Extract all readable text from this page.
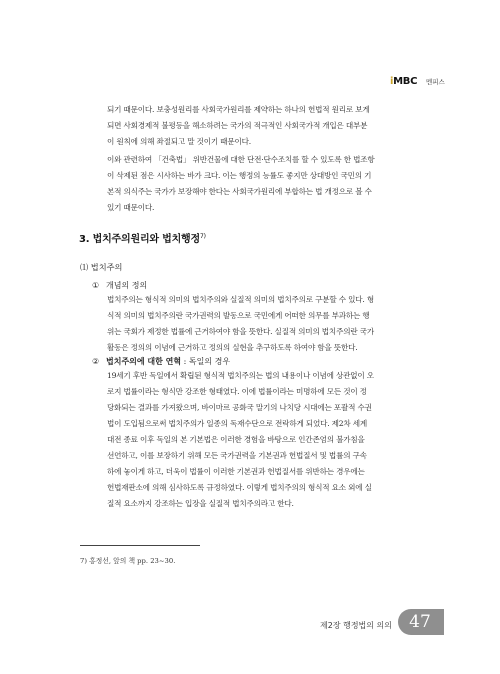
iMBC 멘피스
되기 때문이다. 보충성원리를 사회국가원리를 제약하는 하나의 헌법적 원리로 보게
되면 사회경제적 불평등을 해소하려는 국가의 적극적인 사회국가적 개입은 대부분
이 원칙에 의해 좌절되고 말 것이기 때문이다.
이와 관련하여 「건축법」 위반건물에 대한 단전·단수조치를 할 수 있도록 한 법조항
이 삭제된 점은 시사하는 바가 크다. 이는 행정의 능률도 좋지만 상대방인 국민의 기
본적 의식주는 국가가 보장해야 한다는 사회국가원리에 부합하는 법 개정으로 볼 수
있기 때문이다.
3. 법치주의원리와 법치행정$^{7)}$
⑴ 법치주의
① 개념의 정의
법치주의는 형식적 의미의 법치주의와 실질적 의미의 법치주의로 구분할 수 있다. 형
식적 의미의 법치주의란 국가권력의 발동으로 국민에게 어떠한 의무를 부과하는 행
위는 국회가 제정한 법률에 근거하여야 함을 뜻한다. 실질적 의미의 법치주의란 국가
활동은 정의의 이념에 근거하고 정의의 실현을 추구하도록 하여야 함을 뜻한다.
② 법치주의에 대한 연혁 : 독일의 경우
19세기 후반 독일에서 확립된 형식적 법치주의는 법의 내용이나 이념에 상관없이 오
로지 법률이라는 형식만 강조한 형태였다. 이에 법률이라는 미명하에 모든 것이 정
당화되는 결과를 가져왔으며, 바이마르 공화국 말기의 나치당 시대에는 포괄적 수권
법이 도입됨으로써 법치주의가 일종의 독재수단으로 전락하게 되었다. 제2차 세계
대전 종료 이후 독일의 본 기본법은 이러한 경험을 바탕으로 인간존엄의 불가침을
선언하고, 이를 보장하기 위해 모든 국가권력을 기본권과 헌법질서 및 법률의 구속
하에 놓이게 하고, 더욱이 법률이 이러한 기본권과 헌법질서를 위반하는 경우에는
헌법재판소에 의해 심사하도록 규정하였다. 이렇게 법치주의의 형식적 요소 외에 실
질적 요소까지 강조하는 입장을 실질적 법치주의라고 한다.
7) 홍정선, 앞의 책 pp. 23~30.
제2장 행정법의 의의	47
